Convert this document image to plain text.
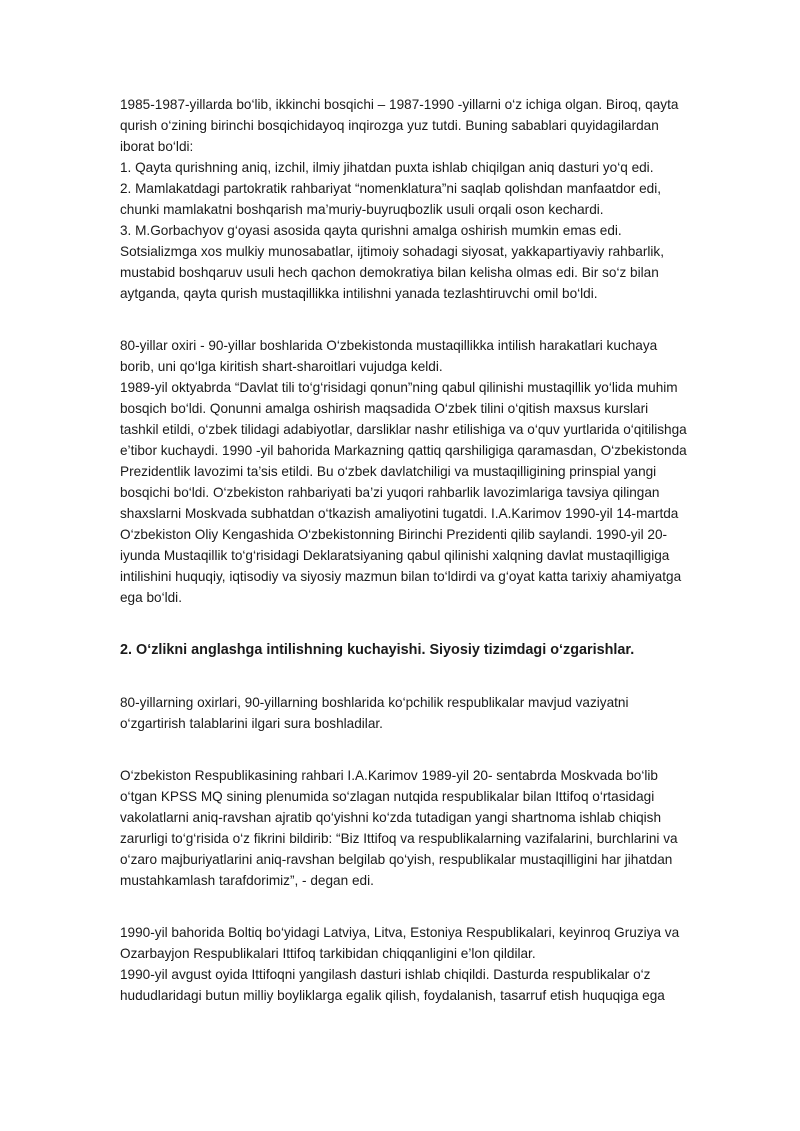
1985-1987-yillarda bo‘lib, ikkinchi bosqichi – 1987-1990 -yillarni o‘z ichiga olgan. Biroq, qayta qurish o‘zining birinchi bosqichidayoq inqirozga yuz tutdi. Buning sabablari quyidagilardan iborat bo‘ldi:

1. Qayta qurishning aniq, izchil, ilmiy jihatdan puxta ishlab chiqilgan aniq dasturi yo‘q edi.

2. Mamlakatdagi partokratik rahbariyat “nomenklatura”ni saqlab qolishdan manfaatdor edi, chunki mamlakatni boshqarish ma’muriy-buyruqbozlik usuli orqali oson kechardi.

3. M.Gorbachyov g‘oyasi asosida qayta qurishni amalga oshirish mumkin emas edi. Sotsializmga xos mulkiy munosabatlar, ijtimoiy sohadagi siyosat, yakkapartiyaviy rahbarlik, mustabid boshqaruv usuli hech qachon demokratiya bilan kelisha olmas edi. Bir so‘z bilan aytganda, qayta qurish mustaqillikka intilishni yanada tezlashtiruvchi omil bo‘ldi.

80-yillar oxiri - 90-yillar boshlarida O‘zbekistonda mustaqillikka intilish harakatlari kuchaya borib, uni qo‘lga kiritish shart-sharoitlari vujudga keldi.

1989-yil oktyabrda “Davlat tili to‘g‘risidagi qonun”ning qabul qilinishi mustaqillik yo‘lida muhim bosqich bo‘ldi. Qonunni amalga oshirish maqsadida O‘zbek tilini o‘qitish maxsus kurslari tashkil etildi, o‘zbek tilidagi adabiyotlar, darsliklar nashr etilishiga va o‘quv yurtlarida o‘qitilishga e’tibor kuchaydi. 1990 -yil bahorida Markazning qattiq qarshiligiga qaramasdan, O‘zbekistonda Prezidentlik lavozimi ta’sis etildi. Bu o‘zbek davlatchiligi va mustaqilligining prinspial yangi bosqichi bo‘ldi. O‘zbekiston rahbariyati ba’zi yuqori rahbarlik lavozimlariga tavsiya qilingan shaxslarni Moskvada subhatdan o‘tkazish amaliyotini tugatdi. I.A.Karimov 1990-yil 14-martda O‘zbekiston Oliy Kengashida O‘zbekistonning Birinchi Prezidenti qilib saylandi. 1990-yil 20-iyunda Mustaqillik to‘g‘risidagi Deklaratsiyaning qabul qilinishi xalqning davlat mustaqilligiga intilishini huquqiy, iqtisodiy va siyosiy mazmun bilan to‘ldirdi va g‘oyat katta tarixiy ahamiyatga ega bo‘ldi.

2. O‘zlikni anglashga intilishning kuchayishi. Siyosiy tizimdagi o‘zgarishlar.

80-yillarning oxirlari, 90-yillarning boshlarida ko‘pchilik respublikalar mavjud vaziyatni o‘zgartirish talablarini ilgari sura boshladilar.

O‘zbekiston Respublikasining rahbari I.A.Karimov 1989-yil 20- sentabrda Moskvada bo‘lib o‘tgan KPSS MQ sining plenumida so‘zlagan nutqida respublikalar bilan Ittifoq o‘rtasidagi vakolatlarni aniq-ravshan ajratib qo‘yishni ko‘zda tutadigan yangi shartnoma ishlab chiqish zarurligi to‘g‘risida o‘z fikrini bildirib: “Biz Ittifoq va respublikalarning vazifalarini, burchlarini va o‘zaro majburiyatlarini aniq-ravshan belgilab qo‘yish, respublikalar mustaqilligini har jihatdan mustahkamlash tarafdorimiz”, - degan edi.

1990-yil bahorida Boltiq bo‘yidagi Latviya, Litva, Estoniya Respublikalari, keyinroq Gruziya va Ozarbayjon Respublikalari Ittifoq tarkibidan chiqqanligini e’lon qildilar.

1990-yil avgust oyida Ittifoqni yangilash dasturi ishlab chiqildi. Dasturda respublikalar o‘z hududlaridagi butun milliy boyliklarga egalik qilish, foydalanish, tasarruf etish huquqiga ega
